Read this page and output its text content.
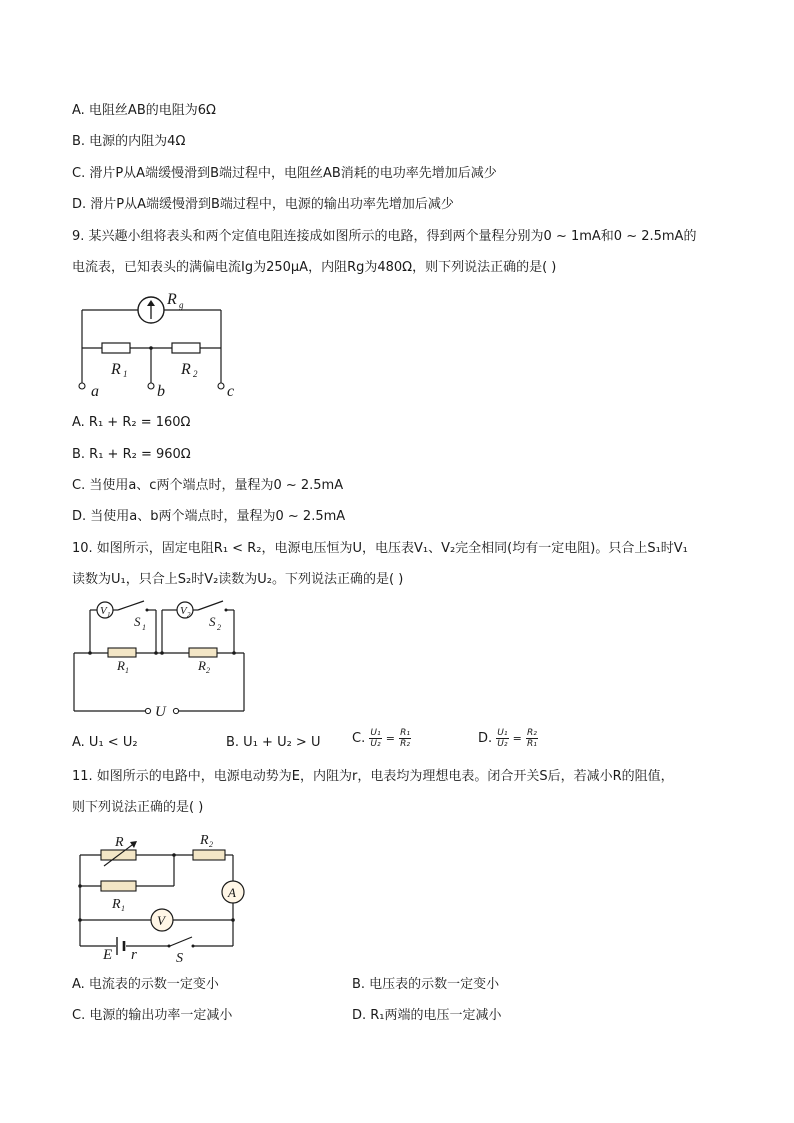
A. 电阻丝AB的电阻为6Ω
B. 电源的内阻为4Ω
C. 滑片P从A端缓慢滑到B端过程中，电阻丝AB消耗的电功率先增加后减少
D. 滑片P从A端缓慢滑到B端过程中，电源的输出功率先增加后减少
9. 某兴趣小组将表头和两个定值电阻连接成如图所示的电路，得到两个量程分别为0 ~ 1mA和0 ~ 2.5mA的
电流表，已知表头的满偏电流Ig为250μA，内阻Rg为480Ω，则下列说法正确的是( )
R g
R 1	R 2
a	b	c
A. R₁ + R₂ = 160Ω
B. R₁ + R₂ = 960Ω
C. 当使用a、c两个端点时，量程为0 ~ 2.5mA
D. 当使用a、b两个端点时，量程为0 ~ 2.5mA
10. 如图所示，固定电阻R₁ < R₂，电源电压恒为U，电压表V₁、V₂完全相同(均有一定电阻)。只合上S₁时V₁
读数为U₁，只合上S₂时V₂读数为U₂。下列说法正确的是( )
V 1	V 2
S 1	S 2
R 1	R 2
U
A. U₁ < U₂	B. U₁ + U₂ > U C. $\frac{\text{U₁}}{\text{U₂}} = \frac{\text{R₁}}{\text{R₂}}$	D. $\frac{\text{U₁}}{\text{U₂}} = \frac{\text{R₂}}{\text{R₁}}$
11. 如图所示的电路中，电源电动势为E，内阻为r，电表均为理想电表。闭合开关S后，若减小R的阻值，
则下列说法正确的是( )
R	R 2
R 1
A
V
E r	S
A. 电流表的示数一定变小	B. 电压表的示数一定变小
C. 电源的输出功率一定减小	D. R₁两端的电压一定减小
